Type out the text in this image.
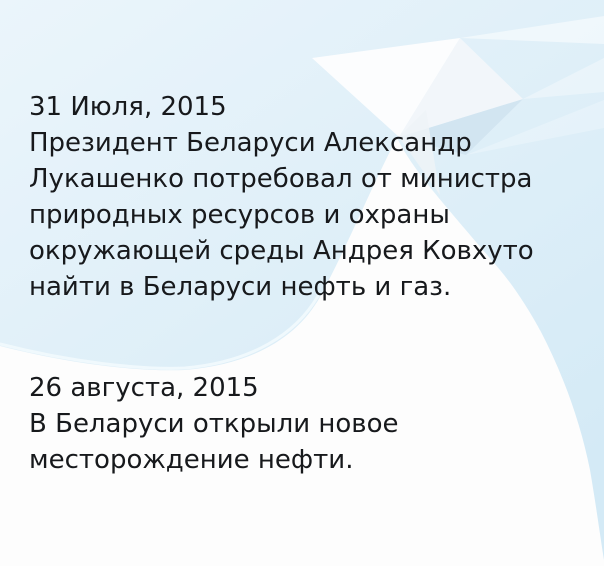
31 Июля, 2015
Президент Беларуси Александр
Лукашенко потребовал от министра
природных ресурсов и охраны
окружающей среды Андрея Ковхуто
найти в Беларуси нефть и газ.
26 августа, 2015
В Беларуси открыли новое
месторождение нефти.
